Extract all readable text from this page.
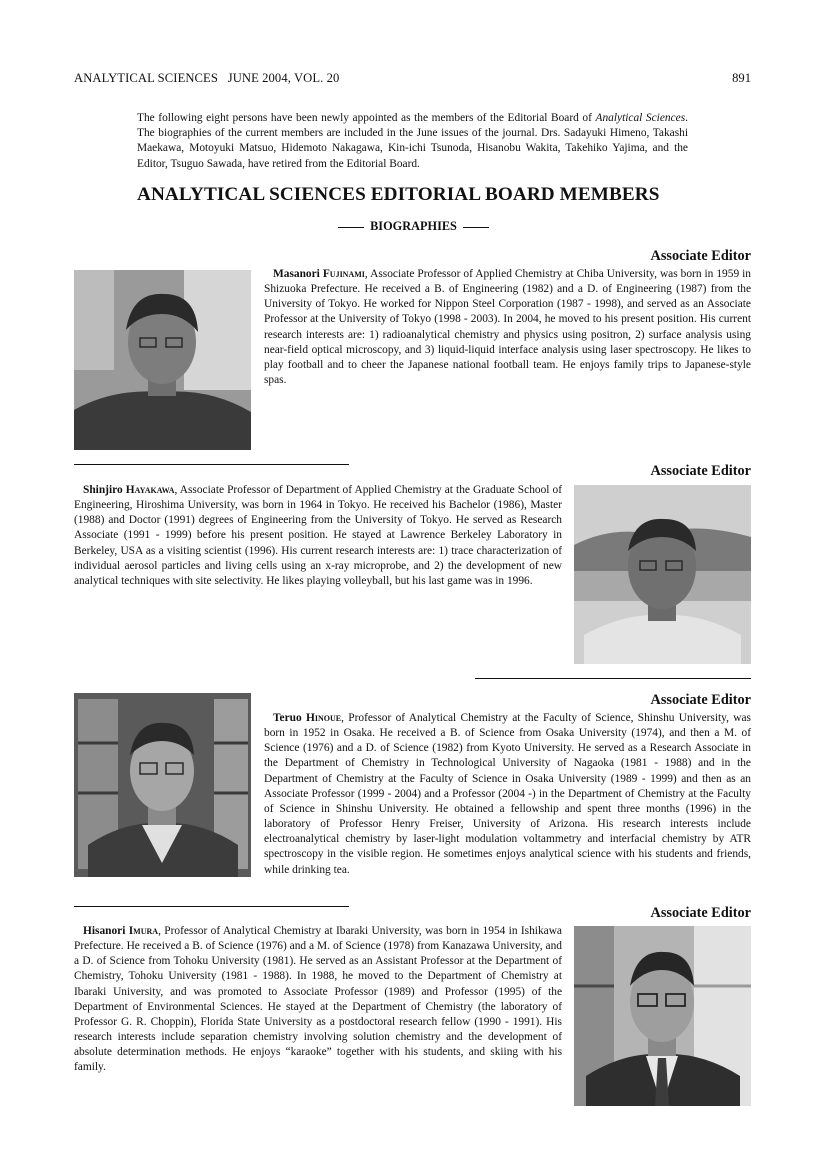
ANALYTICAL SCIENCES   JUNE 2004, VOL. 20	891
The following eight persons have been newly appointed as the members of the Editorial Board of Analytical Sciences. The biographies of the current members are included in the June issues of the journal. Drs. Sadayuki Himeno, Takashi Maekawa, Motoyuki Matsuo, Hidemoto Nakagawa, Kin-ichi Tsunoda, Hisanobu Wakita, Takehiko Yajima, and the Editor, Tsuguo Sawada, have retired from the Editorial Board.
ANALYTICAL SCIENCES EDITORIAL BOARD MEMBERS
BIOGRAPHIES
Associate Editor
Masanori Fujinami, Associate Professor of Applied Chemistry at Chiba University, was born in 1959 in Shizuoka Prefecture. He received a B. of Engineering (1982) and a D. of Engineering (1987) from the University of Tokyo. He worked for Nippon Steel Corporation (1987 - 1998), and served as an Associate Professor at the University of Tokyo (1998 - 2003). In 2004, he moved to his present position. His current research interests are: 1) radioanalytical chemistry and physics using positron, 2) surface analysis using near-field optical microscopy, and 3) liquid-liquid interface analysis using laser spectroscopy. He likes to play football and to cheer the Japanese national football team. He enjoys family trips to Japanese-style spas.
Associate Editor
Shinjiro Hayakawa, Associate Professor of Department of Applied Chemistry at the Graduate School of Engineering, Hiroshima University, was born in 1964 in Tokyo. He received his Bachelor (1986), Master (1988) and Doctor (1991) degrees of Engineering from the University of Tokyo. He served as Research Associate (1991 - 1999) before his present position. He stayed at Lawrence Berkeley Laboratory in Berkeley, USA as a visiting scientist (1996). His current research interests are: 1) trace characterization of individual aerosol particles and living cells using an x-ray microprobe, and 2) the development of new analytical techniques with site selectivity. He likes playing volleyball, but his last game was in 1996.
Associate Editor
Teruo Hinoue, Professor of Analytical Chemistry at the Faculty of Science, Shinshu University, was born in 1952 in Osaka. He received a B. of Science from Osaka University (1974), and then a M. of Science (1976) and a D. of Science (1982) from Kyoto University. He served as a Research Associate in the Department of Chemistry in Technological University of Nagaoka (1981 - 1988) and in the Department of Chemistry at the Faculty of Science in Osaka University (1989 - 1999) and then as an Associate Professor (1999 - 2004) and a Professor (2004 -) in the Department of Chemistry at the Faculty of Science in Shinshu University. He obtained a fellowship and spent three months (1996) in the laboratory of Professor Henry Freiser, University of Arizona. His research interests include electroanalytical chemistry by laser-light modulation voltammetry and interfacial chemistry by ATR spectroscopy in the visible region. He sometimes enjoys analytical science with his students and friends, while drinking tea.
Associate Editor
Hisanori Imura, Professor of Analytical Chemistry at Ibaraki University, was born in 1954 in Ishikawa Prefecture. He received a B. of Science (1976) and a M. of Science (1978) from Kanazawa University, and a D. of Science from Tohoku University (1981). He served as an Assistant Professor at the Department of Chemistry, Tohoku University (1981 - 1988). In 1988, he moved to the Department of Chemistry at Ibaraki University, and was promoted to Associate Professor (1989) and Professor (1995) of the Department of Environmental Sciences. He stayed at the Department of Chemistry (the laboratory of Professor G. R. Choppin), Florida State University as a postdoctoral research fellow (1990 - 1991). His research interests include separation chemistry involving solution chemistry and the development of absolute determination methods. He enjoys “karaoke” together with his students, and skiing with his family.
